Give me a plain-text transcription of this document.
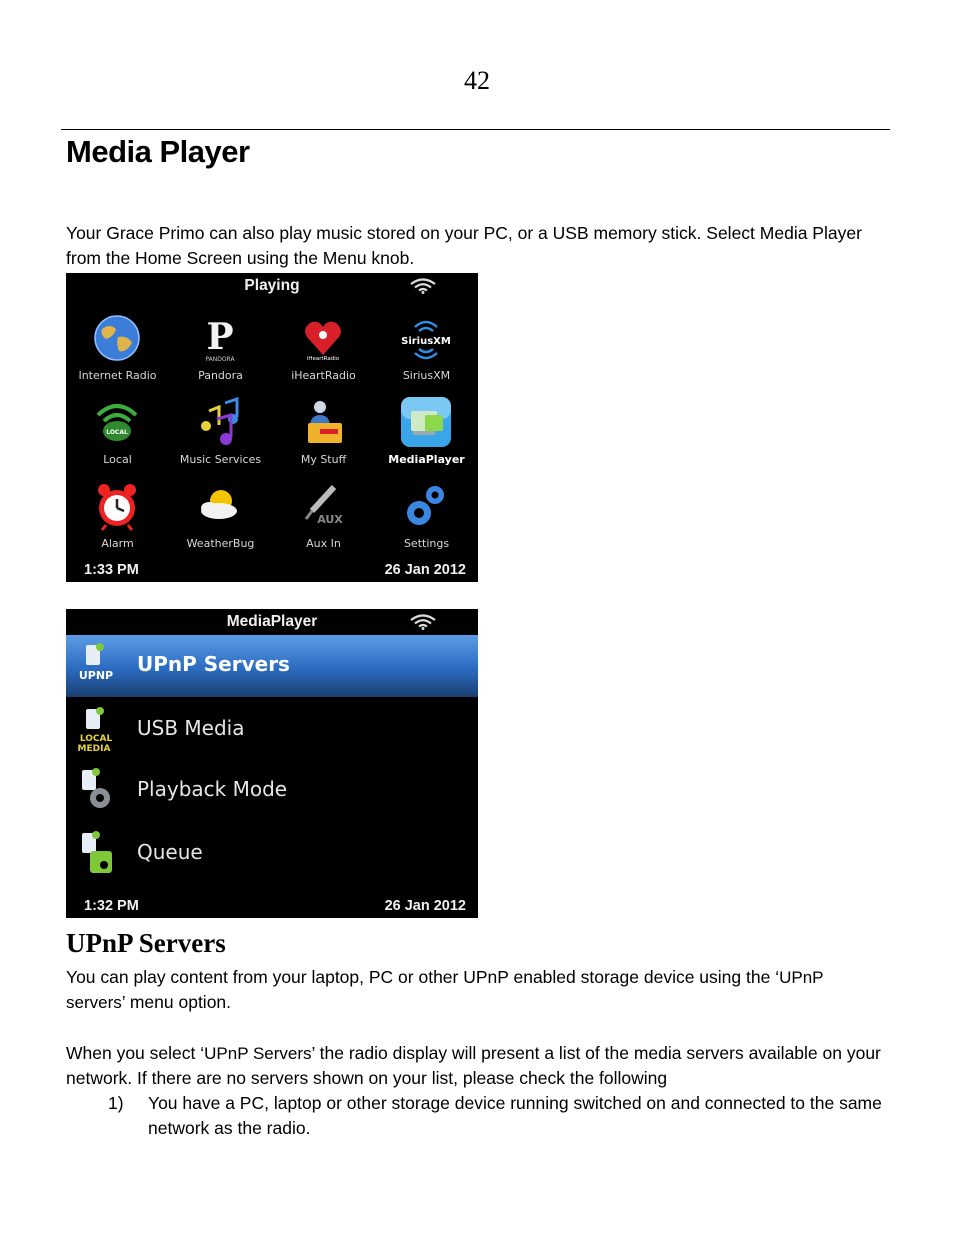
42
Media Player
Your Grace Primo can also play music stored on your PC, or a USB memory stick. Select Media Player from the Home Screen using the Menu knob.
Playing
Internet Radio
P
PANDORA
Pandora
iHeartRadio
iHeartRadio
SiriusXM
SiriusXM
LOCAL
Local	Music Services	My Stuff	MediaPlayer
Alarm	WeatherBug
AUX
Aux In	Settings
1:33 PM	26 Jan 2012
MediaPlayer
UPNP UPnP Servers
LOCAL
MEDIA
USB Media
Playback Mode
Queue
1:32 PM	26 Jan 2012
UPnP Servers
You can play content from your laptop, PC or other UPnP enabled storage device using the ‘UPnP servers’ menu option.
When you select ‘UPnP Servers’ the radio display will present a list of the media servers available on your network. If there are no servers shown on your list, please check the following
1) You have a PC, laptop or other storage device running switched on and connected to the same network as the radio.
